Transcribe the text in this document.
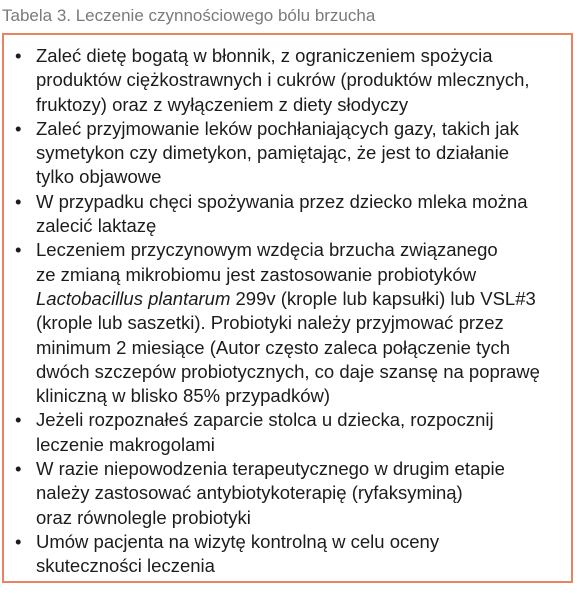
Tabela 3. Leczenie czynnościowego bólu brzucha
• Zaleć dietę bogatą w błonnik, z ograniczeniem spożycia
produktów ciężkostrawnych i cukrów (produktów mlecznych,
fruktozy) oraz z wyłączeniem z diety słodyczy
• Zaleć przyjmowanie leków pochłaniających gazy, takich jak
symetykon czy dimetykon, pamiętając, że jest to działanie
tylko objawowe
• W przypadku chęci spożywania przez dziecko mleka można
zalecić laktazę
• Leczeniem przyczynowym wzdęcia brzucha związanego
ze zmianą mikrobiomu jest zastosowanie probiotyków
Lactobacillus plantarum 299v (krople lub kapsułki) lub VSL#3
(krople lub saszetki). Probiotyki należy przyjmować przez
minimum 2 miesiące (Autor często zaleca połączenie tych
dwóch szczepów probiotycznych, co daje szansę na poprawę
kliniczną w blisko 85% przypadków)
• Jeżeli rozpoznałeś zaparcie stolca u dziecka, rozpocznij
leczenie makrogolami
• W razie niepowodzenia terapeutycznego w drugim etapie
należy zastosować antybiotykoterapię (ryfaksyminą)
oraz równolegle probiotyki
• Umów pacjenta na wizytę kontrolną w celu oceny
skuteczności leczenia
